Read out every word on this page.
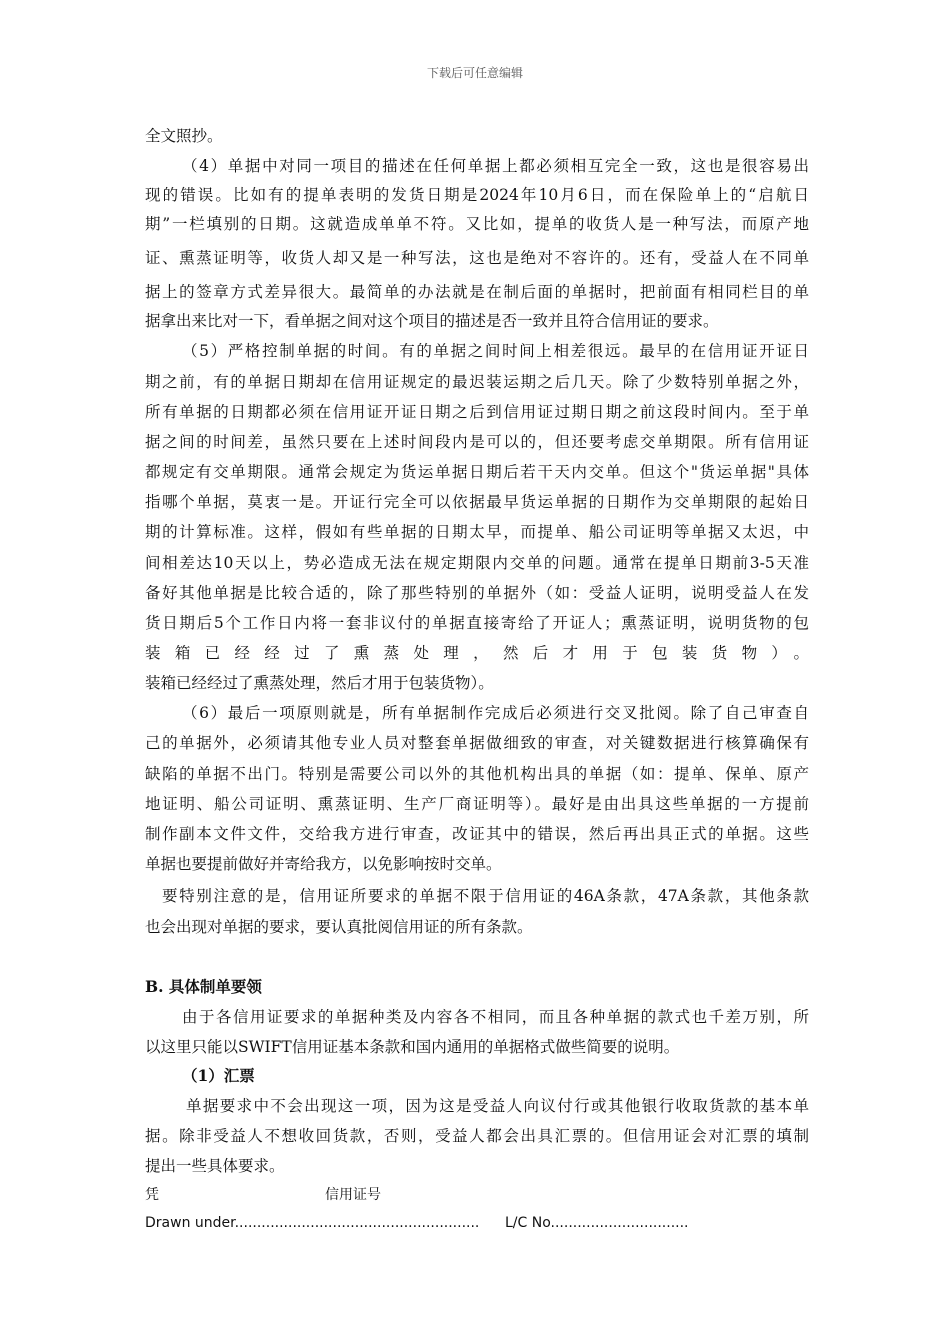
下载后可任意编辑
全文照抄。
（4）单据中对同一项目的描述在任何单据上都必须相互完全一致，这也是很容易出
现的错误。比如有的提单表明的发货日期是2024年10月6日，而在保险单上的“启航日
期”一栏填别的日期。这就造成单单不符。又比如，提单的收货人是一种写法，而原产地
证、熏蒸证明等，收货人却又是一种写法，这也是绝对不容许的。还有，受益人在不同单
据上的签章方式差异很大。最简单的办法就是在制后面的单据时，把前面有相同栏目的单
据拿出来比对一下，看单据之间对这个项目的描述是否一致并且符合信用证的要求。
（5）严格控制单据的时间。有的单据之间时间上相差很远。最早的在信用证开证日
期之前，有的单据日期却在信用证规定的最迟装运期之后几天。除了少数特别单据之外，
所有单据的日期都必须在信用证开证日期之后到信用证过期日期之前这段时间内。至于单
据之间的时间差，虽然只要在上述时间段内是可以的，但还要考虑交单期限。所有信用证
都规定有交单期限。通常会规定为货运单据日期后若干天内交单。但这个"货运单据"具体
指哪个单据，莫衷一是。开证行完全可以依据最早货运单据的日期作为交单期限的起始日
期的计算标准。这样，假如有些单据的日期太早，而提单、船公司证明等单据又太迟，中
间相差达10天以上，势必造成无法在规定期限内交单的问题。通常在提单日期前3-5天准
备好其他单据是比较合适的，除了那些特别的单据外（如：受益人证明，说明受益人在发
货日期后5个工作日内将一套非议付的单据直接寄给了开证人；熏蒸证明，说明货物的包
装箱已经经过了熏蒸处理，然后才用于包装货物）。
装箱已经经过了熏蒸处理，然后才用于包装货物）。
（6）最后一项原则就是，所有单据制作完成后必须进行交叉批阅。除了自己审查自
己的单据外，必须请其他专业人员对整套单据做细致的审查，对关键数据进行核算确保有
缺陷的单据不出门。特别是需要公司以外的其他机构出具的单据（如：提单、保单、原产
地证明、船公司证明、熏蒸证明、生产厂商证明等）。最好是由出具这些单据的一方提前
制作副本文件文件，交给我方进行审查，改证其中的错误，然后再出具正式的单据。这些
单据也要提前做好并寄给我方，以免影响按时交单。
要特别注意的是，信用证所要求的单据不限于信用证的46A条款，47A条款，其他条款
也会出现对单据的要求，要认真批阅信用证的所有条款。
B. 具体制单要领
由于各信用证要求的单据种类及内容各不相同，而且各种单据的款式也千差万别，所
以这里只能以SWIFT信用证基本条款和国内通用的单据格式做些简要的说明。
（1）汇票
单据要求中不会出现这一项，因为这是受益人向议付行或其他银行收取货款的基本单
据。除非受益人不想收回货款，否则，受益人都会出具汇票的。但信用证会对汇票的填制
提出一些具体要求。
凭	信用证号
Drawn under....................................................... L/C No...............................
